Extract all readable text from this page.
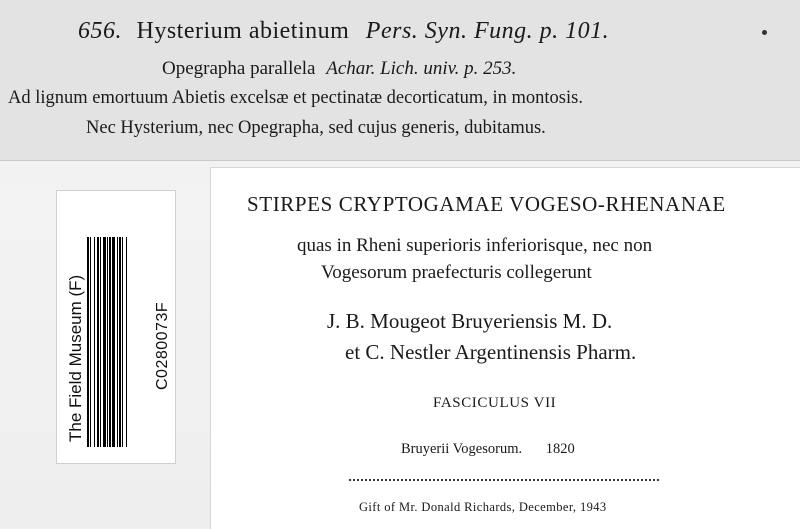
656. Hysterium abietinum Pers. Syn. Fung. p. 101.
Opegrapha parallela Achar. Lich. univ. p. 253.
Ad lignum emortuum Abietis excelsæ et pectinatæ decorticatum, in montosis.
Nec Hysterium, nec Opegrapha, sed cujus generis, dubitamus.
The Field Museum (F)	C0280073F
STIRPES CRYPTOGAMAE VOGESO-RHENANAE
quas in Rheni superioris inferiorisque, nec non
Vogesorum praefecturis collegerunt
J. B. Mougeot Bruyeriensis M. D.
et C. Nestler Argentinensis Pharm.
FASCICULUS VII
Bruyerii Vogesorum. 1820
Gift of Mr. Donald Richards, December, 1943
